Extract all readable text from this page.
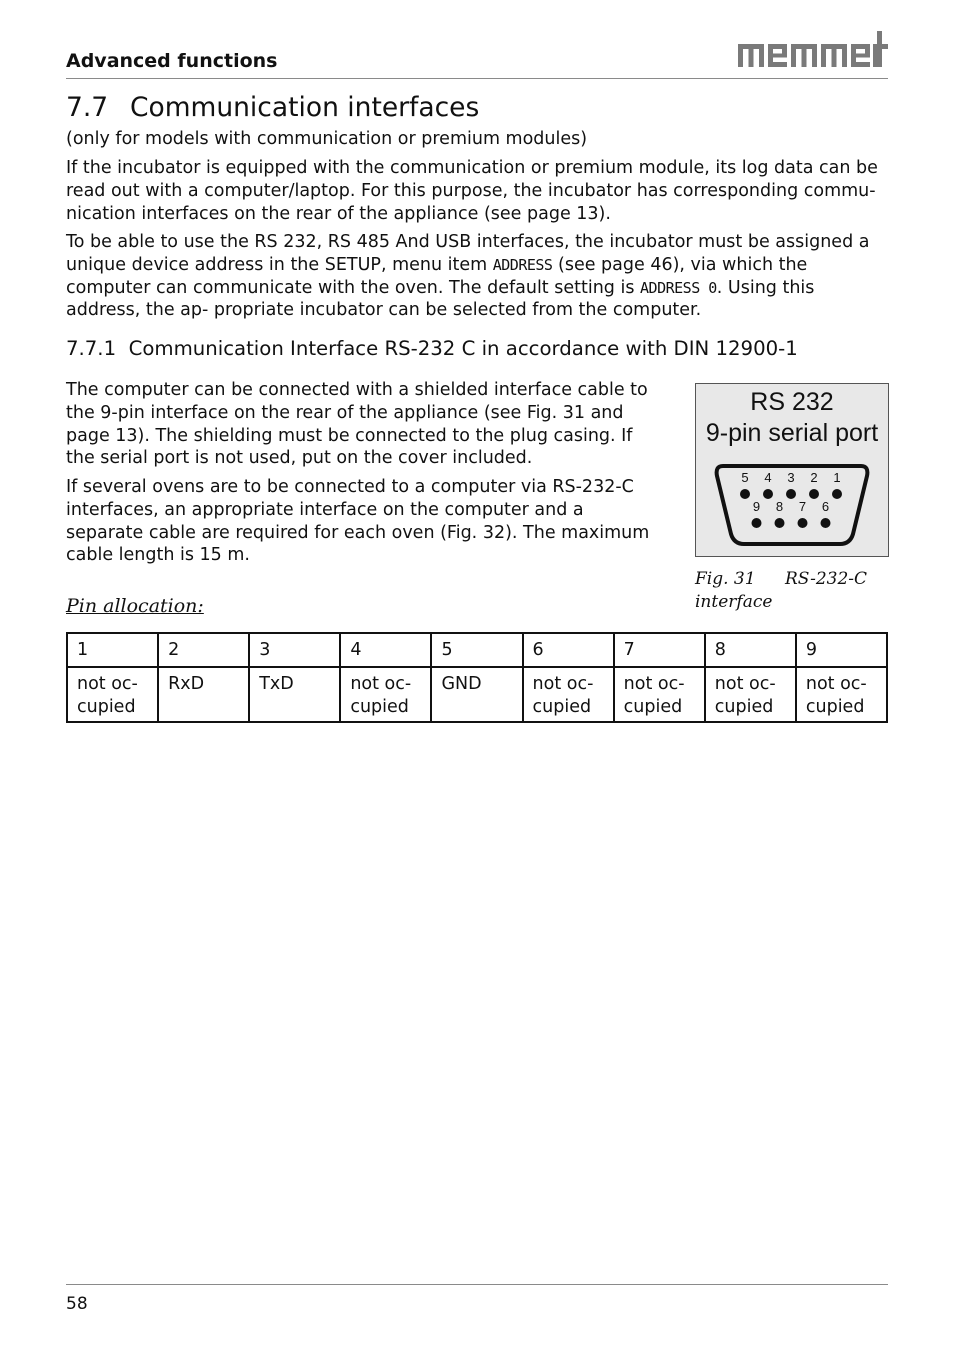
Advanced functions
7.7 Communication interfaces
(only for models with communication or premium modules)
If the incubator is equipped with the communication or premium module, its log data can be read out with a computer/laptop. For this purpose, the incubator has corresponding commu- nication interfaces on the rear of the appliance (see page 13).
To be able to use the RS 232, RS 485 And USB interfaces, the incubator must be assigned a unique device address in the SETUP, menu item ADDRESS (see page 46), via which the computer can communicate with the oven. The default setting is ADDRESS 0. Using this address, the ap- propriate incubator can be selected from the computer.
7.7.1 Communication Interface RS-232 C in accordance with DIN 12900-1
The computer can be connected with a shielded interface cable to the 9-pin interface on the rear of the appliance (see Fig. 31 and page 13). The shielding must be connected to the plug casing. If the serial port is not used, put on the cover included.
If several ovens are to be connected to a computer via RS-232-C interfaces, an appropriate interface on the computer and a separate cable are required for each oven (Fig. 32). The maximum cable length is 15 m.
RS 232
9-pin serial port
5 4 3 2 1
9 8 7 6
Fig. 31 RS-232-C interface
Pin allocation:
1	2	3	4	5	6	7	8	9
not oc- cupied	RxD	TxD	not oc- cupied	GND	not oc- cupied	not oc- cupied	not oc- cupied	not oc- cupied
58
